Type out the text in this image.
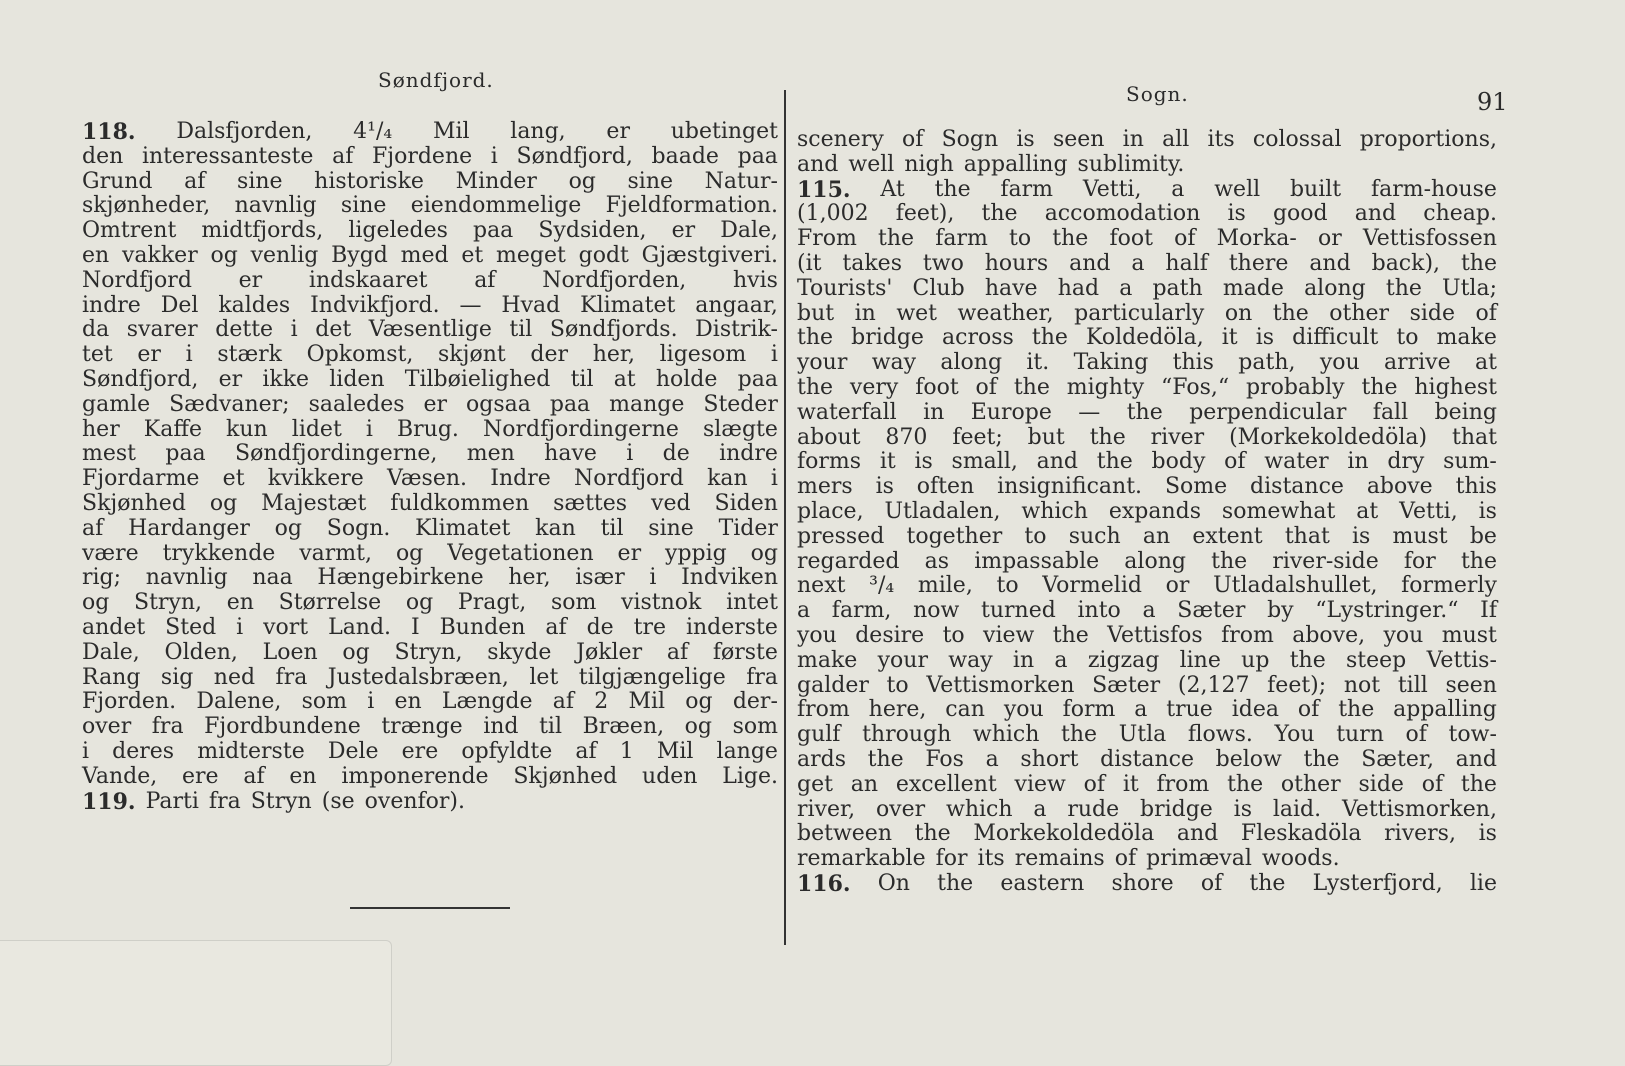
Søndfjord.
Sogn.	91
118. Dalsfjorden, 4¹/₄ Mil lang, er ubetinget
den interessanteste af Fjordene i Søndfjord, baade paa
Grund af sine historiske Minder og sine Natur-
skjønheder, navnlig sine eiendommelige Fjeldformation.
Omtrent midtfjords, ligeledes paa Sydsiden, er Dale,
en vakker og venlig Bygd med et meget godt Gjæstgiveri.
Nordfjord er indskaaret af Nordfjorden, hvis
indre Del kaldes Indvikfjord. — Hvad Klimatet angaar,
da svarer dette i det Væsentlige til Søndfjords. Distrik-
tet er i stærk Opkomst, skjønt der her, ligesom i
Søndfjord, er ikke liden Tilbøielighed til at holde paa
gamle Sædvaner; saaledes er ogsaa paa mange Steder
her Kaffe kun lidet i Brug. Nordfjordingerne slægte
mest paa Søndfjordingerne, men have i de indre
Fjordarme et kvikkere Væsen. Indre Nordfjord kan i
Skjønhed og Majestæt fuldkommen sættes ved Siden
af Hardanger og Sogn. Klimatet kan til sine Tider
være trykkende varmt, og Vegetationen er yppig og
rig; navnlig naa Hængebirkene her, især i Indviken
og Stryn, en Størrelse og Pragt, som vistnok intet
andet Sted i vort Land. I Bunden af de tre inderste
Dale, Olden, Loen og Stryn, skyde Jøkler af første
Rang sig ned fra Justedalsbræen, let tilgjængelige fra
Fjorden. Dalene, som i en Længde af 2 Mil og der-
over fra Fjordbundene trænge ind til Bræen, og som
i deres midterste Dele ere opfyldte af 1 Mil lange
Vande, ere af en imponerende Skjønhed uden Lige.
119. Parti fra Stryn (se ovenfor).
scenery of Sogn is seen in all its colossal proportions,
and well nigh appalling sublimity.
115. At the farm Vetti, a well built farm-house
(1,002 feet), the accomodation is good and cheap.
From the farm to the foot of Morka- or Vettisfossen
(it takes two hours and a half there and back), the
Tourists' Club have had a path made along the Utla;
but in wet weather, particularly on the other side of
the bridge across the Koldedöla, it is difficult to make
your way along it. Taking this path, you arrive at
the very foot of the mighty “Fos,“ probably the highest
waterfall in Europe — the perpendicular fall being
about 870 feet; but the river (Morkekoldedöla) that
forms it is small, and the body of water in dry sum-
mers is often insignificant. Some distance above this
place, Utladalen, which expands somewhat at Vetti, is
pressed together to such an extent that is must be
regarded as impassable along the river-side for the
next ³/₄ mile, to Vormelid or Utladalshullet, formerly
a farm, now turned into a Sæter by “Lystringer.“ If
you desire to view the Vettisfos from above, you must
make your way in a zigzag line up the steep Vettis-
galder to Vettismorken Sæter (2,127 feet); not till seen
from here, can you form a true idea of the appalling
gulf through which the Utla flows. You turn of tow-
ards the Fos a short distance below the Sæter, and
get an excellent view of it from the other side of the
river, over which a rude bridge is laid. Vettismorken,
between the Morkekoldedöla and Fleskadöla rivers, is
remarkable for its remains of primæval woods.
116. On the eastern shore of the Lysterfjord, lie
